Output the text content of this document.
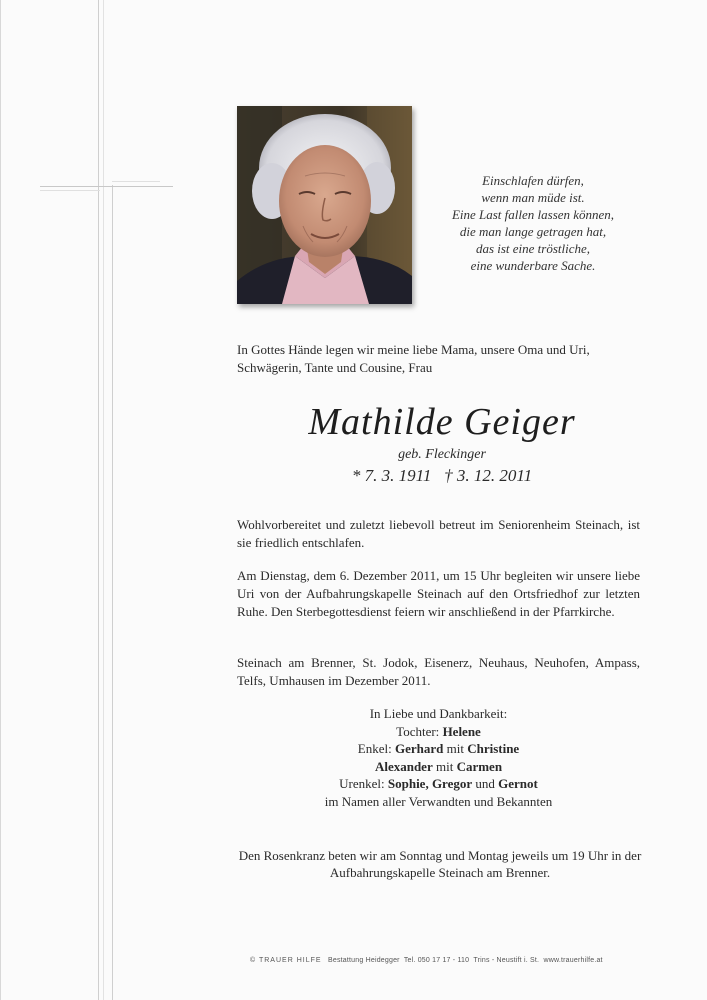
Einschlafen dürfen,
wenn man müde ist.
Eine Last fallen lassen können,
die man lange getragen hat,
das ist eine tröstliche,
eine wunderbare Sache.
In Gottes Hände legen wir meine liebe Mama, unsere Oma und Uri, Schwägerin, Tante und Cousine, Frau
Mathilde Geiger
geb. Fleckinger
* 7. 3. 1911   † 3. 12. 2011
Wohlvorbereitet und zuletzt liebevoll betreut im Seniorenheim Steinach, ist sie friedlich entschlafen.
Am Dienstag, dem 6. Dezember 2011, um 15 Uhr begleiten wir unsere liebe Uri von der Aufbahrungskapelle Steinach auf den Ortsfriedhof zur letzten Ruhe. Den Sterbegottesdienst feiern wir anschließend in der Pfarrkirche.
Steinach am Brenner, St. Jodok, Eisenerz, Neuhaus, Neuhofen, Ampass, Telfs, Umhausen im Dezember 2011.
In Liebe und Dankbarkeit:
Tochter: Helene
Enkel: Gerhard mit Christine
Alexander mit Carmen
Urenkel: Sophie, Gregor und Gernot
im Namen aller Verwandten und Bekannten
Den Rosenkranz beten wir am Sonntag und Montag jeweils um 19 Uhr in der Aufbahrungskapelle Steinach am Brenner.
© TRAUER HILFE Bestattung Heidegger  Tel. 050 17 17 - 110  Trins - Neustift i. St.  www.trauerhilfe.at
